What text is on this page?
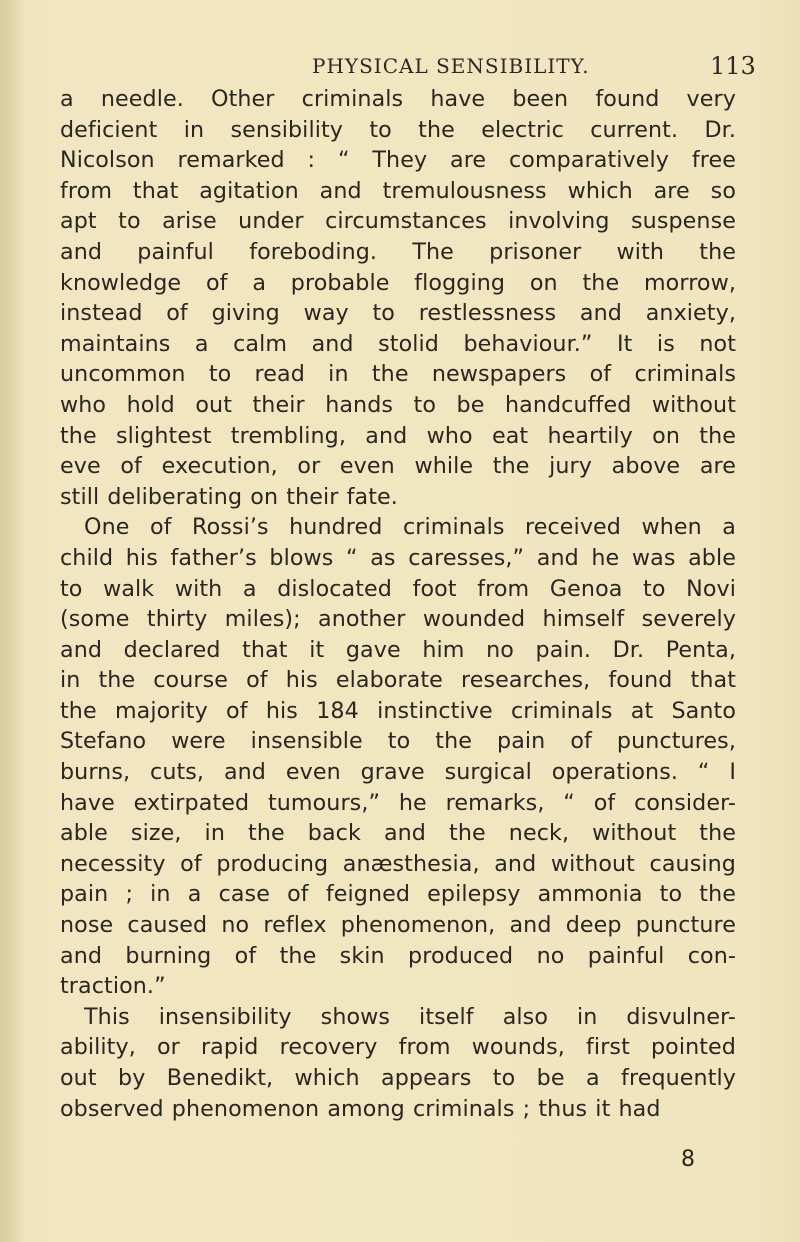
PHYSICAL SENSIBILITY.	113
a needle. Other criminals have been found very
deficient in sensibility to the electric current. Dr.
Nicolson remarked : “ They are comparatively free
from that agitation and tremulousness which are so
apt to arise under circumstances involving suspense
and painful foreboding. The prisoner with the
knowledge of a probable flogging on the morrow,
instead of giving way to restlessness and anxiety,
maintains a calm and stolid behaviour.” It is not
uncommon to read in the newspapers of criminals
who hold out their hands to be handcuffed without
the slightest trembling, and who eat heartily on the
eve of execution, or even while the jury above are
still deliberating on their fate.
One of Rossi’s hundred criminals received when a
child his father’s blows “ as caresses,” and he was able
to walk with a dislocated foot from Genoa to Novi
(some thirty miles); another wounded himself severely
and declared that it gave him no pain. Dr. Penta,
in the course of his elaborate researches, found that
the majority of his 184 instinctive criminals at Santo
Stefano were insensible to the pain of punctures,
burns, cuts, and even grave surgical operations. “ I
have extirpated tumours,” he remarks, “ of consider-
able size, in the back and the neck, without the
necessity of producing anæsthesia, and without causing
pain ; in a case of feigned epilepsy ammonia to the
nose caused no reflex phenomenon, and deep puncture
and burning of the skin produced no painful con-
traction.”
This insensibility shows itself also in disvulner-
ability, or rapid recovery from wounds, first pointed
out by Benedikt, which appears to be a frequently
observed phenomenon among criminals ; thus it had
8
